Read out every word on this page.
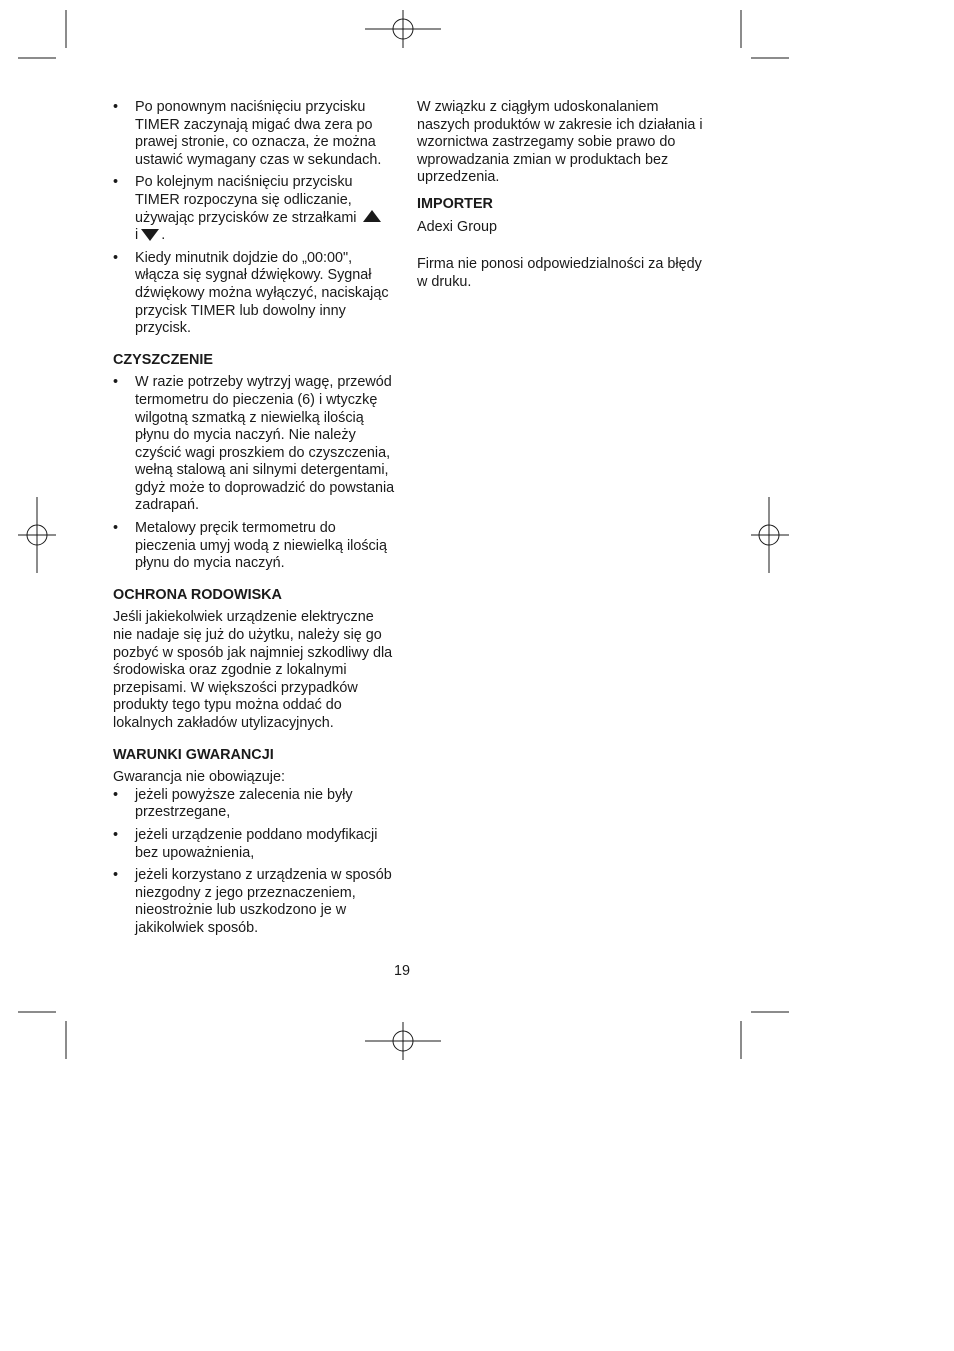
• Po ponownym naciśnięciu przycisku TIMER zaczynają migać dwa zera po prawej stronie, co oznacza, że można ustawić wymagany czas w sekundach.
• Po kolejnym naciśnięciu przycisku TIMER rozpoczyna się odliczanie, używając przycisków ze strzałkami
i .
• Kiedy minutnik dojdzie do „00:00", włącza się sygnał dźwiękowy. Sygnał dźwiękowy można wyłączyć, naciskając przycisk TIMER lub dowolny inny przycisk.
CZYSZCZENIE
• W razie potrzeby wytrzyj wagę, przewód termometru do pieczenia (6) i wtyczkę wilgotną szmatką z niewielką ilością płynu do mycia naczyń. Nie należy czyścić wagi proszkiem do czyszczenia, wełną stalową ani silnymi detergentami, gdyż może to doprowadzić do powstania zadrapań.
• Metalowy pręcik termometru do pieczenia umyj wodą z niewielką ilością płynu do mycia naczyń.
OCHRONA RODOWISKA

Jeśli jakiekolwiek urządzenie elektryczne nie nadaje się już do użytku, należy się go pozbyć w sposób jak najmniej szkodliwy dla środowiska oraz zgodnie z lokalnymi przepisami. W większości przypadków produkty tego typu można oddać do lokalnych zakładów utylizacyjnych.

WARUNKI GWARANCJI

Gwarancja nie obowiązuje:

• jeżeli powyższe zalecenia nie były przestrzegane,
• jeżeli urządzenie poddano modyfikacji bez upoważnienia,
• jeżeli korzystano z urządzenia w sposób niezgodny z jego przeznaczeniem, nieostrożnie lub uszkodzono je w jakikolwiek sposób.

W związku z ciągłym udoskonalaniem naszych produktów w zakresie ich działania i wzornictwa zastrzegamy sobie prawo do wprowadzania zmian w produktach bez uprzedzenia.

IMPORTER

Adexi Group

Firma nie ponosi odpowiedzialności za błędy w druku.

19
